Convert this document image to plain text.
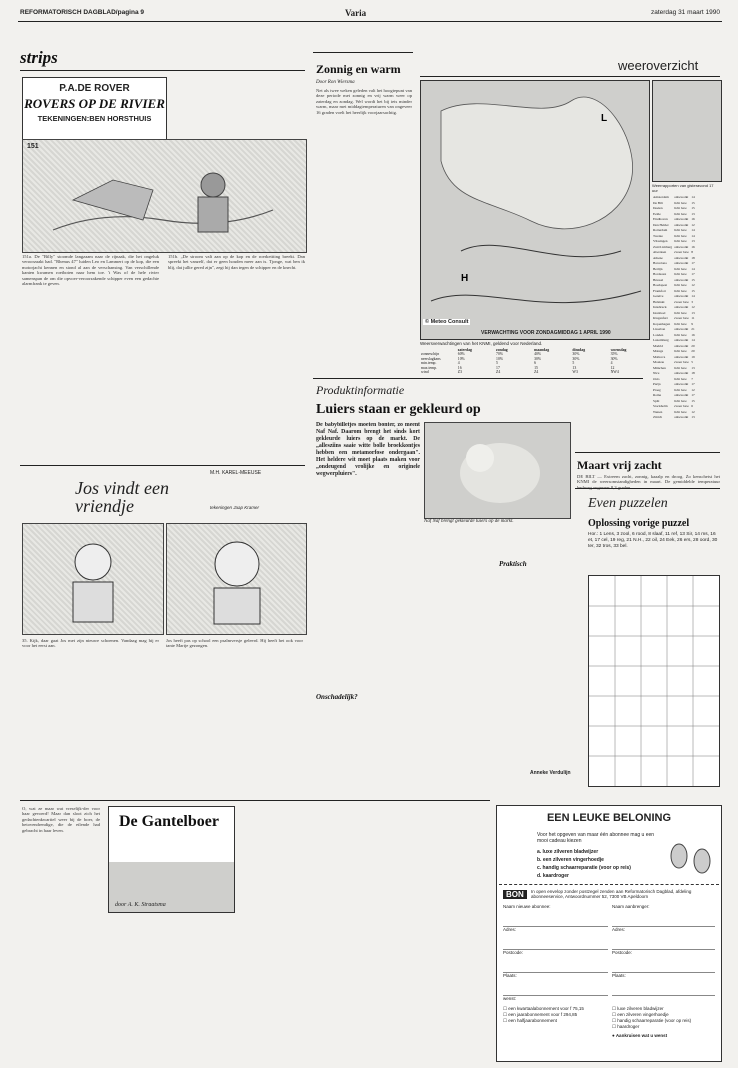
REFORMATORISCH DAGBLAD/pagina 9	Varia	zaterdag 31 maart 1990
strips
P.A.DE ROVER
ROVERS OP DE RIVIER
TEKENINGEN:BEN HORSTHUIS
151
151a. De "Billy" stoomde langzaam naar de rijnaak, die het ongeluk veroorzaakt had. "Rhenus 47" luiden Leo en Lammert op de kop, die een motorjacht kennen en stond al aan de verschansing. Van verschillende kanten kwamen roeiboten naar hem toe. 't Was of de hele rivier samenspan de om die opvoer-veroorzakende schipper even een gedachte alarmfrank te geven.
151b. „De stroom valt aan op de kop en de roerkettting breekt. Dan spreekt het vanzelf, dat er geen houden meer aan is. Tjonge, wat ben ik blij, dat jullie gered zijn", zegt hij dan tegen de schipper en de knecht.
Jos vindt een vriendje
M.H. KAREL-MEEUSE
tekeningen Jaap Kramer
35. Kijk, daar gaat Jos met zijn nieuwe schoenen. Vandaag mag hij er voor het eerst aan.
Jos heeft pas op school een psalmversje geleerd. Hij heeft het ook voor tante Martje gezongen.
Zonnig en warm
Door Ron Wiersma
Net als twee weken geleden valt het hoogtepunt van deze periode met zonnig en vrij warm weer op zaterdag en zondag. Wel wordt het bij iets minder warm, maar met middagtemperaturen van ongeveer 16 graden voelt het heerlijk voorjaarsachtig.
weeroverzicht
L
H
© Meteo Consult
VERWACHTING VOOR ZONDAGMIDDAG 1 APRIL 1990
Weersverwachtingen van het KNMI, geldend voor Nederland.
	zaterdag	zondag	maandag	dinsdag	woensdag
zonneschijn	60%	70%	40%	30%	35%
neerslagkans	10%	10%	30%	30%	30%
min.temp.	4	5	6	5	4
max.temp.	16	17	15	13	12
wind	Z3	Z4	Z4	W3	NW4
Weerrapporten van gisteravond 17 uur
Amsterdam	onbewolkt	14
De Bilt	licht bew.	15
Deelen	licht bew.	15
Eelde	licht bew.	13
Eindhoven	onbewolkt	16
Den Helder	onbewolkt	12
Rotterdam	licht bew.	14
Twente	licht bew.	14
Vlissingen	licht bew.	13
Zuid Limburg	onbewolkt	16
Aberdeen	zwaar bew.	8
Athene	onbewolkt	18
Barcelona	onbewolkt	17
Berlijn	licht bew.	14
Bordeaux	licht bew.	17
Brussel	onbewolkt	15
Boedapest	licht bew.	12
Frankfort	licht bew.	15
Genève	onbewolkt	14
Helsinki	zwaar bew.	3
Innsbruck	onbewolkt	12
Istanboel	licht bew.	13
Klagenfurt	zwaar bew.	11
Kopenhagen	licht bew.	9
Lissabon	onbewolkt	21
Londen	licht bew.	16
Luxemburg	onbewolkt	14
Madrid	onbewolkt	20
Malaga	licht bew.	20
Mallorca	onbewolkt	19
Moskou	zwaar bew.	5
München	licht bew.	13
Nice	onbewolkt	18
Oslo	licht bew.	7
Parijs	onbewolkt	17
Praag	licht bew.	12
Rome	onbewolkt	17
Split	licht bew.	15
Stockholm	zwaar bew.	6
Wenen	licht bew.	12
Zürich	onbewolkt	13
Produktinformatie
Luiers staan er gekleurd op
De babybilletjes moeten bonter, zo meent Naf Naf. Daarom brengt het sinds kort gekleurde luiers op de markt. De „allesziins saaie witte bolle broekkontjes hebben een metamorfose ondergaan". Het heldere wit moet plaats maken voor „ondeugend vrolijke en originele wegwerpluiers".
Naf Naf brengt gekleurde luiers op de markt.
Onschadelijk?
Praktisch
Anneke Verdulijn
Maart vrij zacht
DE BILT — Extreem zacht, zonnig, kaaalp en droog. Zo kenschetst het KNMI de weersomstandigheden in maart. De gemiddelde temperatuur
Even puzzelen
Oplossing vorige puzzel
Hor.: 1 Lens, 3 zool, 6 rood, 8 slaaf, 11 ref, 13 Sir, 14 ms, 16 et, 17 cel, 19 reg, 21 N.H., 22 oil, 24 Eek, 26 ers, 28 oord, 30 ter, 32 tros, 33 bel.
O, wat ze maar wat vreselijk-der voor haar gevoerd! Maar dan sloot zich het gedachtenkwartiel weer bij de boer, de betovendrendige, die de eilende had gebracht in haar leven.
De Gantelboer
door A. K. Straatsma
EEN LEUKE BELONING
Voor het opgeven van maar één abonnee mag u een mooi cadeau kiezen
a. luxe zilveren bladwijzer
b. een zilveren vingerhoedje
c. handig schaarreparatie (voor op reis)
d. kaardroger
BON	In open envelop zonder postzegel zenden aan Reformatorisch Dagblad, afdeling abonneeservice, Antwoordnummer 52, 7300 VB Apeldoorn
Naam nieuwe abonnee:
Adres:
Postcode:
Plaats:
wenst:
☐ een kwartaalabonnement voor f 75,15
☐ een jaarabonnement voor f 294,85
☐ een halfjaarabonnement
Naam aanbrenger:
Adres:
Postcode:
Plaats:
☐ luxe zilveren bladwijzer
☐ een zilveren vingerhoedje
☐ handig schaarreparatie (voor op reis)
☐ haardroger
● Aankruisen wat u wenst
